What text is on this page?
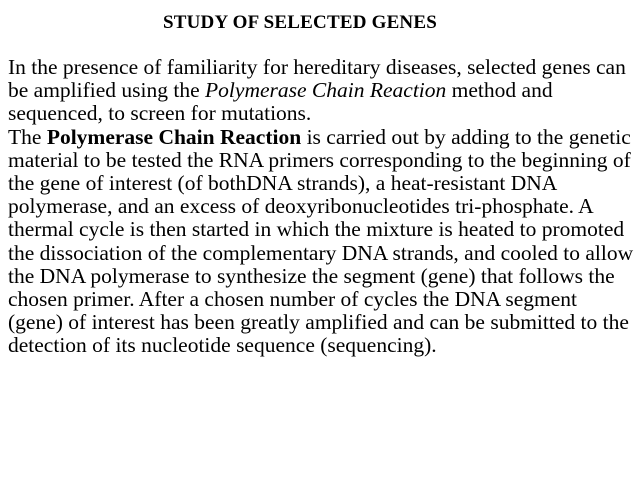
STUDY OF SELECTED GENES

In the presence of familiarity for hereditary diseases, selected genes can be amplified using the Polymerase Chain Reaction method and sequenced, to screen for mutations.

The Polymerase Chain Reaction is carried out by adding to the genetic material to be tested the RNA primers corresponding to the beginning of the gene of interest (of bothDNA strands), a heat-resistant DNA polymerase, and an excess of deoxyribonucleotides tri-phosphate. A thermal cycle is then started in which the mixture is heated to promoted the dissociation of the complementary DNA strands, and cooled to allow the DNA polymerase to synthesize the segment (gene) that follows the chosen primer. After a chosen number of cycles the DNA segment (gene) of interest has been greatly amplified and can be submitted to the detection of its nucleotide sequence (sequencing).
